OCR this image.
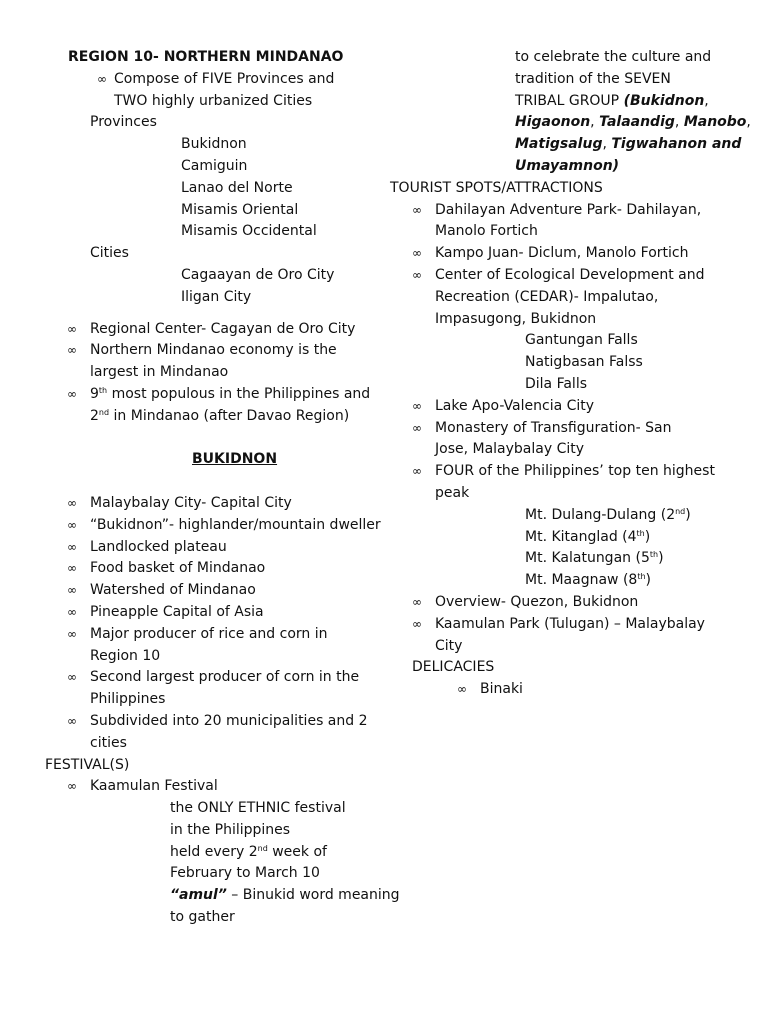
REGION 10- NORTHERN MINDANAO
∞ Compose of FIVE Provinces and
TWO highly urbanized Cities
Provinces
Bukidnon
Camiguin
Lanao del Norte
Misamis Oriental
Misamis Occidental
Cities
Cagaayan de Oro City
Iligan City
∞ Regional Center- Cagayan de Oro City
∞ Northern Mindanao economy is the
largest in Mindanao
∞ 9th most populous in the Philippines and
2nd in Mindanao (after Davao Region)
BUKIDNON
∞ Malaybalay City- Capital City
∞ “Bukidnon”- highlander/mountain dweller
∞ Landlocked plateau
∞ Food basket of Mindanao
∞ Watershed of Mindanao
∞ Pineapple Capital of Asia
∞ Major producer of rice and corn in
Region 10
∞ Second largest producer of corn in the
Philippines
∞ Subdivided into 20 municipalities and 2
cities
FESTIVAL(S)
∞ Kaamulan Festival
the ONLY ETHNIC festival
in the Philippines
held every 2nd week of
February to March 10
“amul” – Binukid word meaning
to gather
to celebrate the culture and
tradition of the SEVEN
TRIBAL GROUP (Bukidnon,
Higaonon, Talaandig, Manobo,
Matigsalug, Tigwahanon and
Umayamnon)
TOURIST SPOTS/ATTRACTIONS
∞ Dahilayan Adventure Park- Dahilayan,
Manolo Fortich
∞ Kampo Juan- Diclum, Manolo Fortich
∞ Center of Ecological Development and
Recreation (CEDAR)- Impalutao,
Impasugong, Bukidnon
Gantungan Falls
Natigbasan Falss
Dila Falls
∞ Lake Apo-Valencia City
∞ Monastery of Transfiguration- San
Jose, Malaybalay City
∞ FOUR of the Philippines’ top ten highest
peak
Mt. Dulang-Dulang (2nd)
Mt. Kitanglad (4th)
Mt. Kalatungan (5th)
Mt. Maagnaw (8th)
∞ Overview- Quezon, Bukidnon
∞ Kaamulan Park (Tulugan) – Malaybalay
City
DELICACIES
∞ Binaki
